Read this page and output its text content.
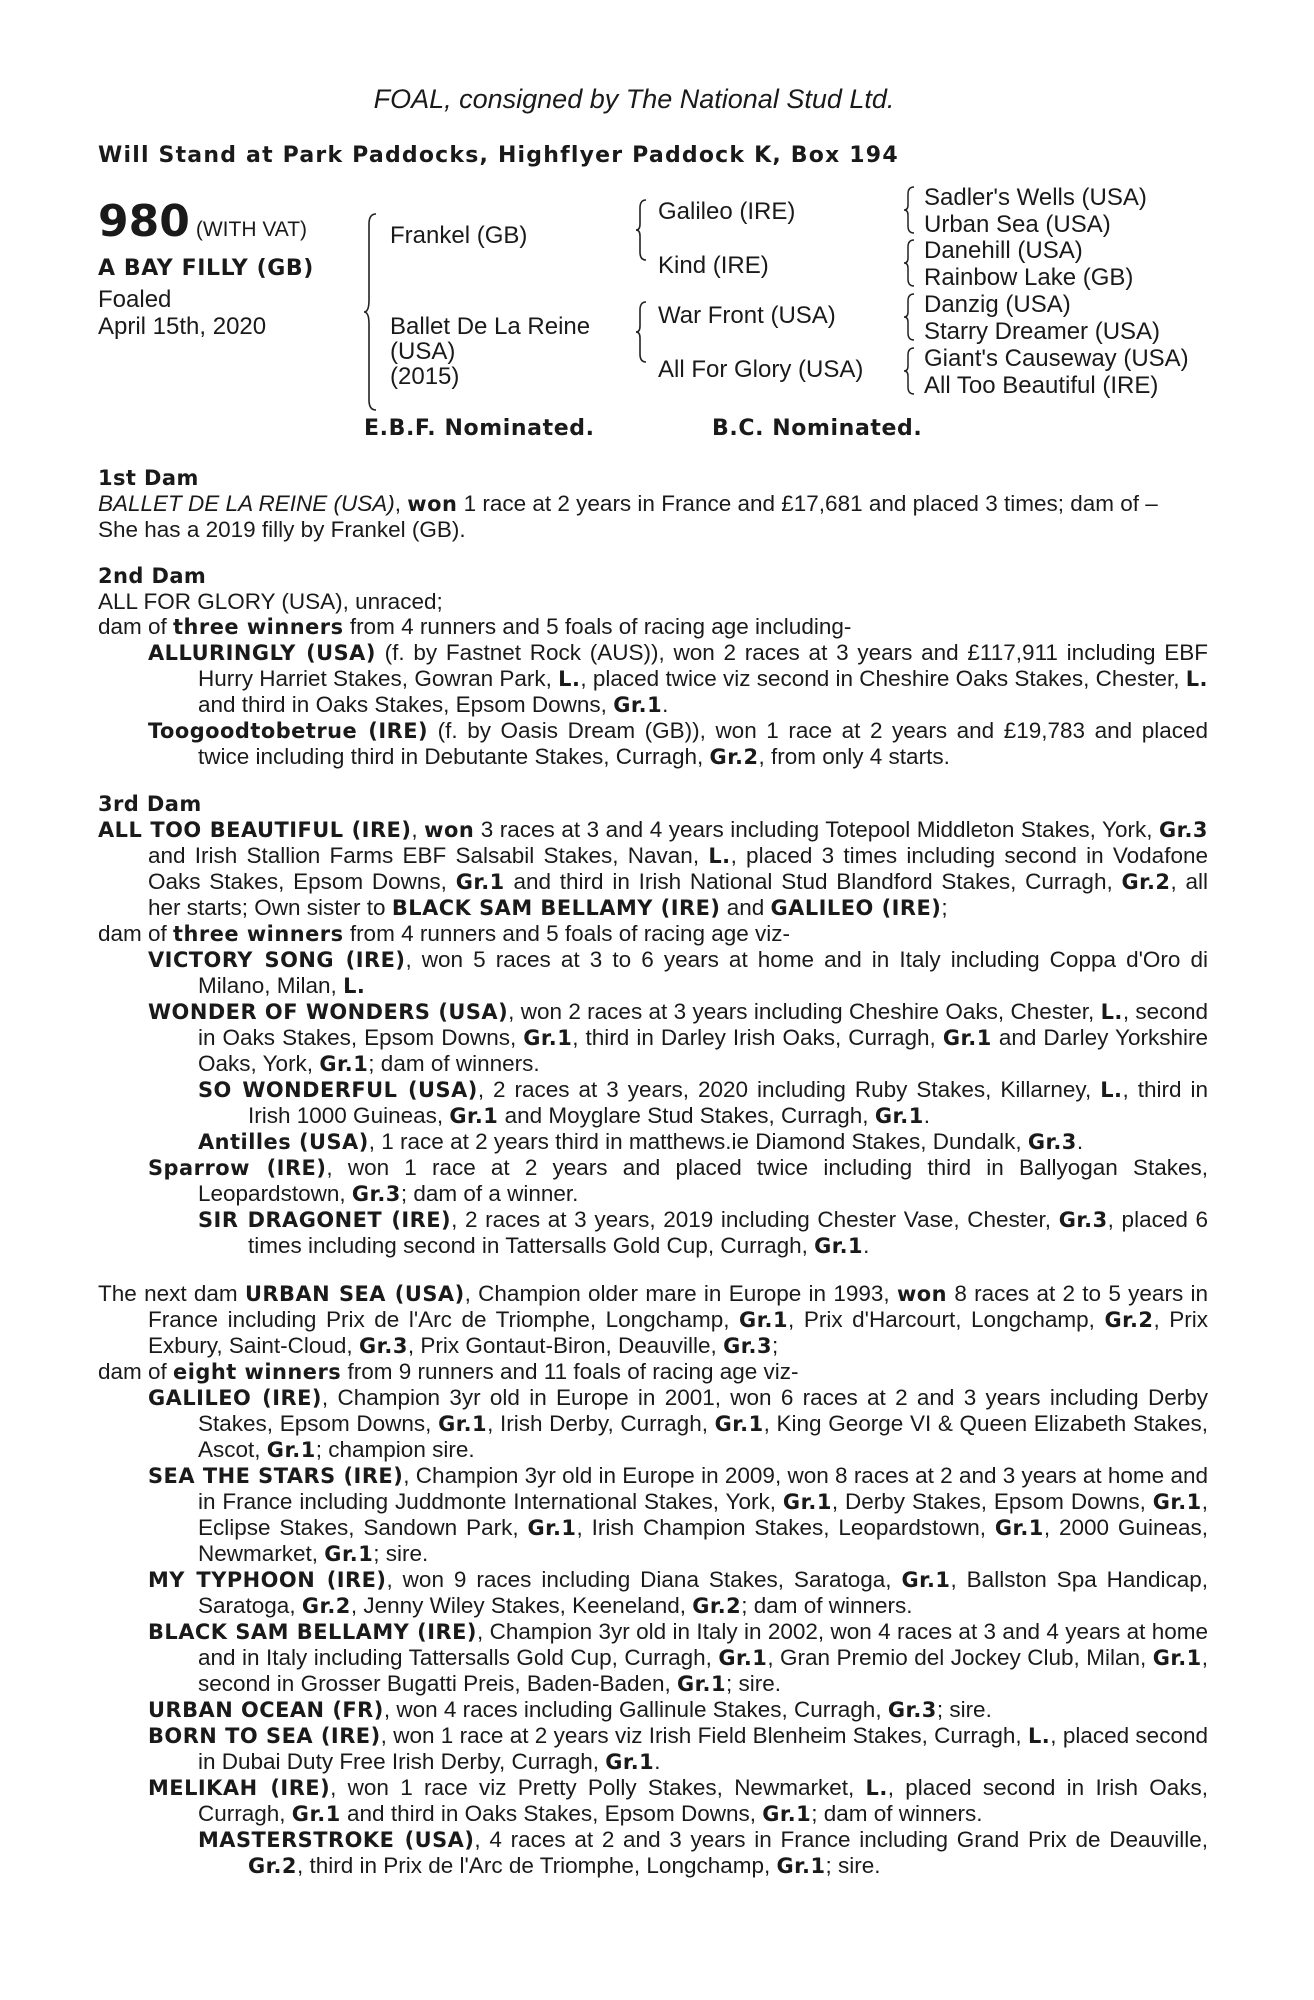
FOAL, consigned by The National Stud Ltd.
Will Stand at Park Paddocks, Highflyer Paddock K, Box 194
980 (WITH VAT)
A BAY FILLY (GB)
Foaled
April 15th, 2020
Frankel (GB)
Ballet De La Reine
(USA)
(2015)
Galileo (IRE)
Kind (IRE)
War Front (USA)
All For Glory (USA)
Sadler's Wells (USA)
Urban Sea (USA)
Danehill (USA)
Rainbow Lake (GB)
Danzig (USA)
Starry Dreamer (USA)
Giant's Causeway (USA)
All Too Beautiful (IRE)
E.B.F. Nominated.	B.C. Nominated.
1st Dam
BALLET DE LA REINE (USA), won 1 race at 2 years in France and £17,681 and placed 3 times; dam of –
She has a 2019 filly by Frankel (GB).
2nd Dam
ALL FOR GLORY (USA), unraced;
dam of three winners from 4 runners and 5 foals of racing age including-
ALLURINGLY (USA) (f. by Fastnet Rock (AUS)), won 2 races at 3 years and £117,911 including EBF Hurry Harriet Stakes, Gowran Park, L., placed twice viz second in Cheshire Oaks Stakes, Chester, L. and third in Oaks Stakes, Epsom Downs, Gr.1.
Toogoodtobetrue (IRE) (f. by Oasis Dream (GB)), won 1 race at 2 years and £19,783 and placed twice including third in Debutante Stakes, Curragh, Gr.2, from only 4 starts.
3rd Dam
ALL TOO BEAUTIFUL (IRE), won 3 races at 3 and 4 years including Totepool Middleton Stakes, York, Gr.3 and Irish Stallion Farms EBF Salsabil Stakes, Navan, L., placed 3 times including second in Vodafone Oaks Stakes, Epsom Downs, Gr.1 and third in Irish National Stud Blandford Stakes, Curragh, Gr.2, all her starts; Own sister to BLACK SAM BELLAMY (IRE) and GALILEO (IRE);
dam of three winners from 4 runners and 5 foals of racing age viz-
VICTORY SONG (IRE), won 5 races at 3 to 6 years at home and in Italy including Coppa d'Oro di Milano, Milan, L.
WONDER OF WONDERS (USA), won 2 races at 3 years including Cheshire Oaks, Chester, L., second in Oaks Stakes, Epsom Downs, Gr.1, third in Darley Irish Oaks, Curragh, Gr.1 and Darley Yorkshire Oaks, York, Gr.1; dam of winners.
SO WONDERFUL (USA), 2 races at 3 years, 2020 including Ruby Stakes, Killarney, L., third in Irish 1000 Guineas, Gr.1 and Moyglare Stud Stakes, Curragh, Gr.1.
Antilles (USA), 1 race at 2 years third in matthews.ie Diamond Stakes, Dundalk, Gr.3.
Sparrow (IRE), won 1 race at 2 years and placed twice including third in Ballyogan Stakes, Leopardstown, Gr.3; dam of a winner.
SIR DRAGONET (IRE), 2 races at 3 years, 2019 including Chester Vase, Chester, Gr.3, placed 6 times including second in Tattersalls Gold Cup, Curragh, Gr.1.
The next dam URBAN SEA (USA), Champion older mare in Europe in 1993, won 8 races at 2 to 5 years in France including Prix de l'Arc de Triomphe, Longchamp, Gr.1, Prix d'Harcourt, Longchamp, Gr.2, Prix Exbury, Saint-Cloud, Gr.3, Prix Gontaut-Biron, Deauville, Gr.3;
dam of eight winners from 9 runners and 11 foals of racing age viz-
GALILEO (IRE), Champion 3yr old in Europe in 2001, won 6 races at 2 and 3 years including Derby Stakes, Epsom Downs, Gr.1, Irish Derby, Curragh, Gr.1, King George VI & Queen Elizabeth Stakes, Ascot, Gr.1; champion sire.
SEA THE STARS (IRE), Champion 3yr old in Europe in 2009, won 8 races at 2 and 3 years at home and in France including Juddmonte International Stakes, York, Gr.1, Derby Stakes, Epsom Downs, Gr.1, Eclipse Stakes, Sandown Park, Gr.1, Irish Champion Stakes, Leopardstown, Gr.1, 2000 Guineas, Newmarket, Gr.1; sire.
MY TYPHOON (IRE), won 9 races including Diana Stakes, Saratoga, Gr.1, Ballston Spa Handicap, Saratoga, Gr.2, Jenny Wiley Stakes, Keeneland, Gr.2; dam of winners.
BLACK SAM BELLAMY (IRE), Champion 3yr old in Italy in 2002, won 4 races at 3 and 4 years at home and in Italy including Tattersalls Gold Cup, Curragh, Gr.1, Gran Premio del Jockey Club, Milan, Gr.1, second in Grosser Bugatti Preis, Baden-Baden, Gr.1; sire.
URBAN OCEAN (FR), won 4 races including Gallinule Stakes, Curragh, Gr.3; sire.
BORN TO SEA (IRE), won 1 race at 2 years viz Irish Field Blenheim Stakes, Curragh, L., placed second in Dubai Duty Free Irish Derby, Curragh, Gr.1.
MELIKAH (IRE), won 1 race viz Pretty Polly Stakes, Newmarket, L., placed second in Irish Oaks, Curragh, Gr.1 and third in Oaks Stakes, Epsom Downs, Gr.1; dam of winners.
MASTERSTROKE (USA), 4 races at 2 and 3 years in France including Grand Prix de Deauville, Gr.2, third in Prix de l'Arc de Triomphe, Longchamp, Gr.1; sire.
